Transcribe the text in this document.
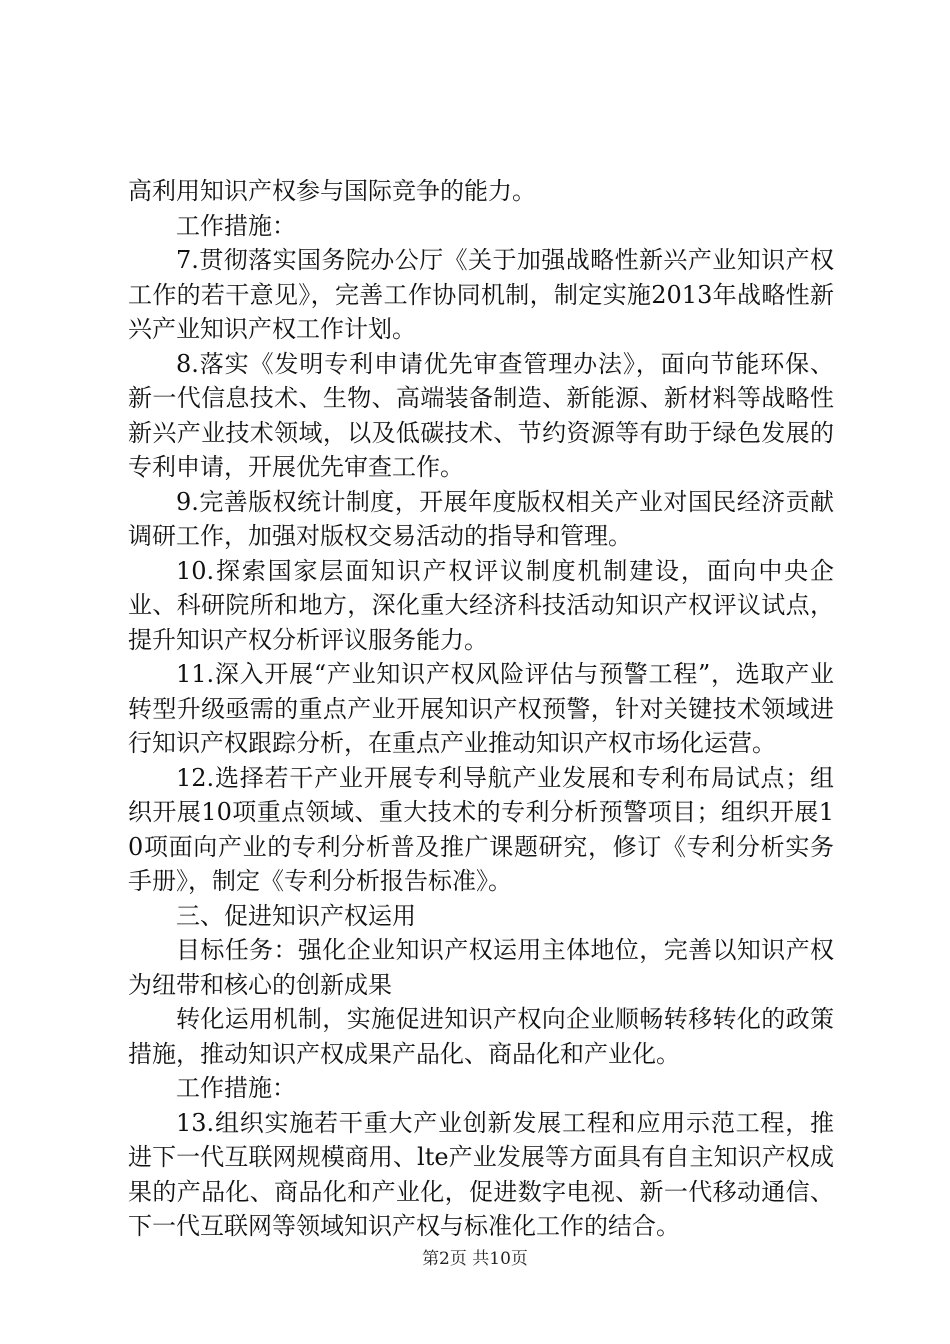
高利用知识产权参与国际竞争的能力。

工作措施：

7.贯彻落实国务院办公厅《关于加强战略性新兴产业知识产权工作的若干意见》，完善工作协同机制，制定实施2013年战略性新兴产业知识产权工作计划。

8.落实《发明专利申请优先审查管理办法》，面向节能环保、新一代信息技术、生物、高端装备制造、新能源、新材料等战略性新兴产业技术领域，以及低碳技术、节约资源等有助于绿色发展的专利申请，开展优先审查工作。

9.完善版权统计制度，开展年度版权相关产业对国民经济贡献调研工作，加强对版权交易活动的指导和管理。

10.探索国家层面知识产权评议制度机制建设，面向中央企业、科研院所和地方，深化重大经济科技活动知识产权评议试点，提升知识产权分析评议服务能力。

11.深入开展“产业知识产权风险评估与预警工程”，选取产业转型升级亟需的重点产业开展知识产权预警，针对关键技术领域进行知识产权跟踪分析，在重点产业推动知识产权市场化运营。

12.选择若干产业开展专利导航产业发展和专利布局试点；组织开展10项重点领域、重大技术的专利分析预警项目；组织开展10项面向产业的专利分析普及推广课题研究，修订《专利分析实务手册》，制定《专利分析报告标准》。

三、促进知识产权运用

目标任务：强化企业知识产权运用主体地位，完善以知识产权为纽带和核心的创新成果

转化运用机制，实施促进知识产权向企业顺畅转移转化的政策措施，推动知识产权成果产品化、商品化和产业化。

工作措施：

13.组织实施若干重大产业创新发展工程和应用示范工程，推进下一代互联网规模商用、lte产业发展等方面具有自主知识产权成果的产品化、商品化和产业化，促进数字电视、新一代移动通信、下一代互联网等领域知识产权与标准化工作的结合。

第2页 共10页
